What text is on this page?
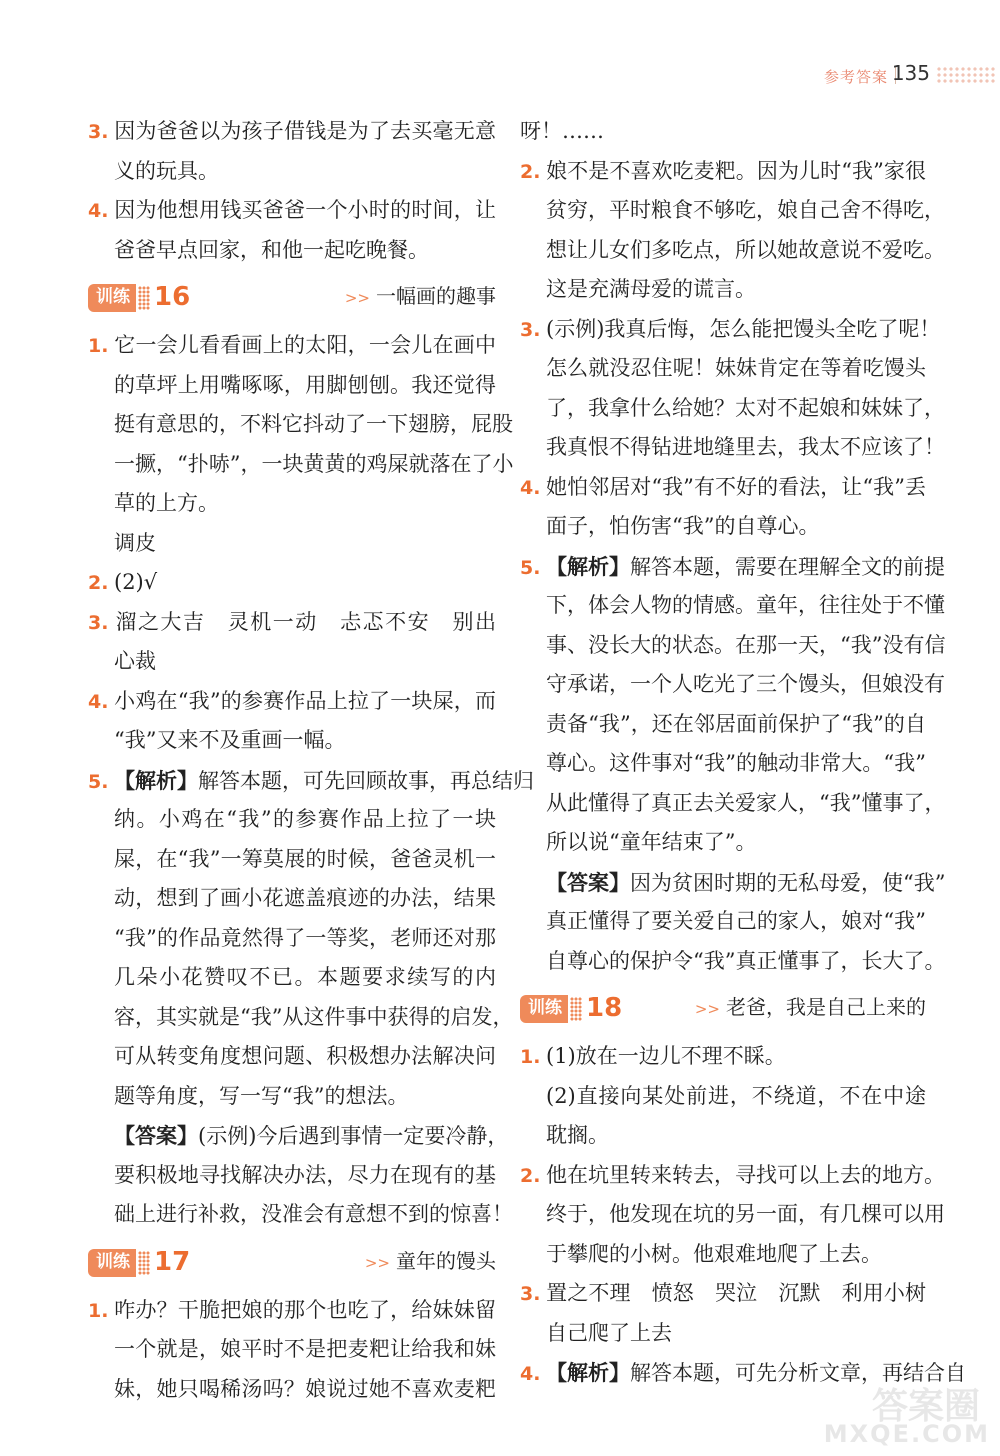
参考答案 135
3. 因为爸爸以为孩子借钱是为了去买毫无意
义的玩具。
4. 因为他想用钱买爸爸一个小时的时间，让
爸爸早点回家，和他一起吃晚餐。
训练 16	>> 一幅画的趣事
1. 它一会儿看看画上的太阳，一会儿在画中
的草坪上用嘴啄啄，用脚刨刨。我还觉得
挺有意思的，不料它抖动了一下翅膀，屁股
一撅，“扑哧”，一块黄黄的鸡屎就落在了小
草的上方。
调皮
2. (2)√
3. 溜之大吉　灵机一动　忐忑不安　别出
心裁
4. 小鸡在“我”的参赛作品上拉了一块屎，而
“我”又来不及重画一幅。
5. 【解析】解答本题，可先回顾故事，再总结归
纳。小鸡在“我”的参赛作品上拉了一块
屎，在“我”一筹莫展的时候，爸爸灵机一
动，想到了画小花遮盖痕迹的办法，结果
“我”的作品竟然得了一等奖，老师还对那
几朵小花赞叹不已。本题要求续写的内
容，其实就是“我”从这件事中获得的启发，
可从转变角度想问题、积极想办法解决问
题等角度，写一写“我”的想法。
【答案】(示例)今后遇到事情一定要冷静，
要积极地寻找解决办法，尽力在现有的基
础上进行补救，没准会有意想不到的惊喜！
训练 17	>> 童年的馒头
1. 咋办？干脆把娘的那个也吃了，给妹妹留
一个就是，娘平时不是把麦粑让给我和妹
妹，她只喝稀汤吗？娘说过她不喜欢麦粑
呀！……
2. 娘不是不喜欢吃麦粑。因为儿时“我”家很
贫穷，平时粮食不够吃，娘自己舍不得吃，
想让儿女们多吃点，所以她故意说不爱吃。
这是充满母爱的谎言。
3. (示例)我真后悔，怎么能把馒头全吃了呢！
怎么就没忍住呢！妹妹肯定在等着吃馒头
了，我拿什么给她？太对不起娘和妹妹了，
我真恨不得钻进地缝里去，我太不应该了！
4. 她怕邻居对“我”有不好的看法，让“我”丢
面子，怕伤害“我”的自尊心。
5. 【解析】解答本题，需要在理解全文的前提
下，体会人物的情感。童年，往往处于不懂
事、没长大的状态。在那一天，“我”没有信
守承诺，一个人吃光了三个馒头，但娘没有
责备“我”，还在邻居面前保护了“我”的自
尊心。这件事对“我”的触动非常大。“我”
从此懂得了真正去关爱家人，“我”懂事了，
所以说“童年结束了”。
【答案】因为贫困时期的无私母爱，使“我”
真正懂得了要关爱自己的家人，娘对“我”
自尊心的保护令“我”真正懂事了，长大了。
训练 18	>> 老爸，我是自己上来的
1. (1)放在一边儿不理不睬。
(2)直接向某处前进，不绕道，不在中途
耽搁。
2. 他在坑里转来转去，寻找可以上去的地方。
终于，他发现在坑的另一面，有几棵可以用
于攀爬的小树。他艰难地爬了上去。
3. 置之不理　愤怒　哭泣　沉默　利用小树
自己爬了上去
4. 【解析】解答本题，可先分析文章，再结合自
答案圈
MXQE.COM
